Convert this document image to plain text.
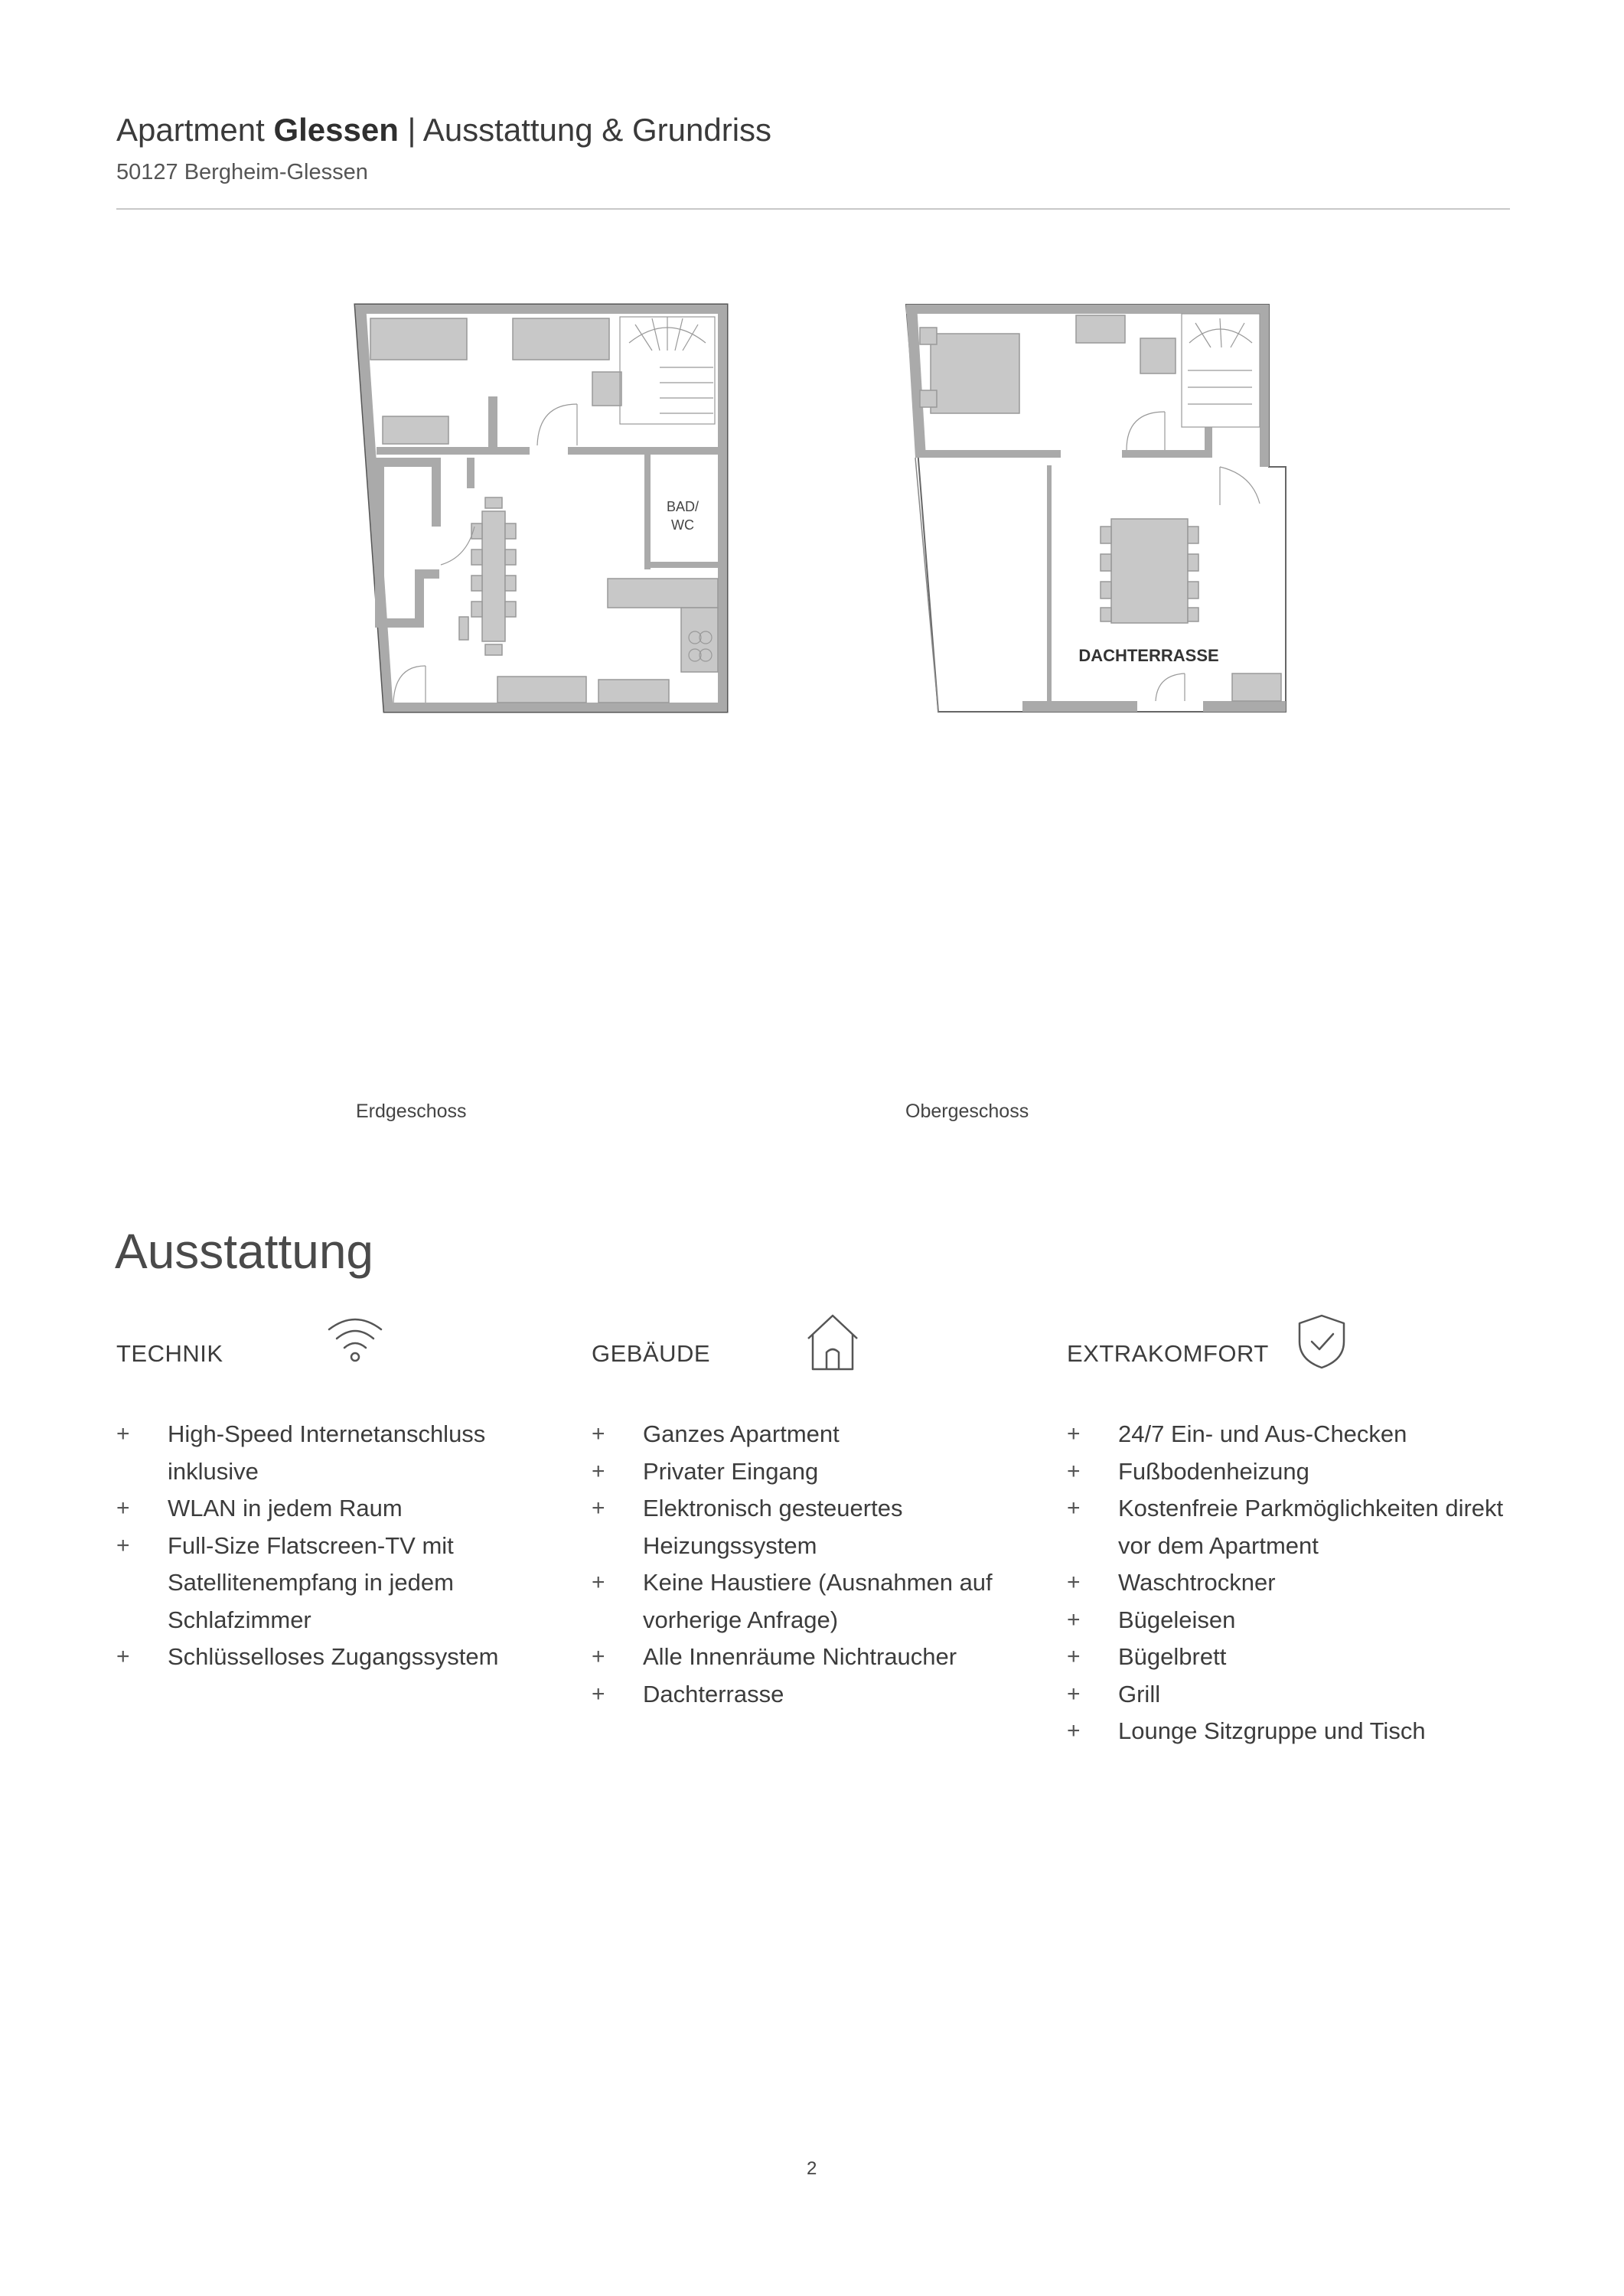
Apartment Glessen | Ausstattung & Grundriss
50127 Bergheim-Glessen
BAD/
WC
DACHTERRASSE
Erdgeschoss	Obergeschoss
Ausstattung
TECHNIK
+ High-Speed Internetanschluss
inklusive
+ WLAN in jedem Raum
+ Full-Size Flatscreen-TV mit
Satellitenempfang in jedem
Schlafzimmer
+ Schlüsselloses Zugangssystem
GEBÄUDE
+ Ganzes Apartment
+ Privater Eingang
+ Elektronisch gesteuertes
Heizungssystem
+ Keine Haustiere (Ausnahmen auf
vorherige Anfrage)
+ Alle Innenräume Nichtraucher
+ Dachterrasse
EXTRAKOMFORT
+ 24/7 Ein- und Aus-Checken
+ Fußbodenheizung
+ Kostenfreie Parkmöglichkeiten direkt
vor dem Apartment
+ Waschtrockner
+ Bügeleisen
+ Bügelbrett
+ Grill
+ Lounge Sitzgruppe und Tisch
2
